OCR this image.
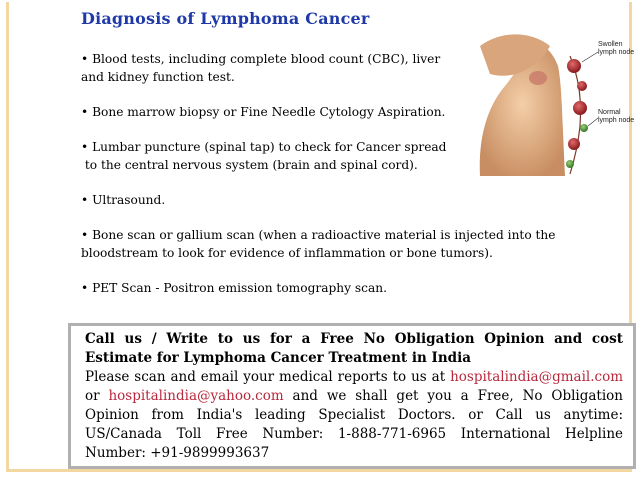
Diagnosis of Lymphoma Cancer
• Blood tests, including complete blood count (CBC), liver
and kidney function test.
• Bone marrow biopsy or Fine Needle Cytology Aspiration.
• Lumbar puncture (spinal tap) to check for Cancer spread
to the central nervous system (brain and spinal cord).
• Ultrasound.
• Bone scan or gallium scan (when a radioactive material is injected into the
bloodstream to look for evidence of inflammation or bone tumors).
• PET Scan - Positron emission tomography scan.
Swollen
lymph node
Normal
lymph node
Call us / Write to us for a Free No Obligation Opinion and cost Estimate for Lymphoma Cancer Treatment in India
Please scan and email your medical reports to us at hospitalindia@gmail.com or hospitalindia@yahoo.com and we shall get you a Free, No Obligation Opinion from India's leading Specialist Doctors. or Call us anytime: US/Canada Toll Free Number: 1-888-771-6965 International Helpline Number: +91-9899993637
